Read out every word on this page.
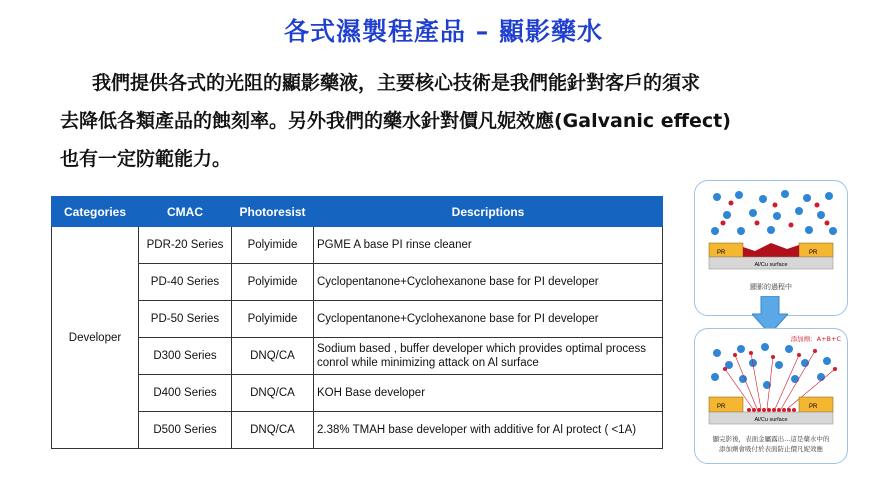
各式濕製程產品 – 顯影藥水
我們提供各式的光阻的顯影藥液，主要核心技術是我們能針對客戶的須求
去降低各類產品的蝕刻率。另外我們的藥水針對價凡妮效應(Galvanic effect)
也有一定防範能力。
Categories	CMAC	Photoresist	Descriptions
Developer	PDR-20 Series	Polyimide	PGME A base PI rinse cleaner
	PD-40 Series	Polyimide	Cyclopentanone+Cyclohexanone base for PI developer
	PD-50 Series	Polyimide	Cyclopentanone+Cyclohexanone base for PI developer
	D300 Series	DNQ/CA	Sodium based , buffer developer which provides optimal process conrol while minimizing attack on Al surface
	D400 Series	DNQ/CA	KOH Base developer
	D500 Series	DNQ/CA	2.38% TMAH base developer with additive for Al protect ( <1A)
PR	PR
Al/Cu surface
顯影的過程中
添加劑：A+B+C
PR	PR
Al/Cu surface
顯完影後，表面金屬露出...這是藥水中的
添加劑會吸付於表面防止價凡妮效應
